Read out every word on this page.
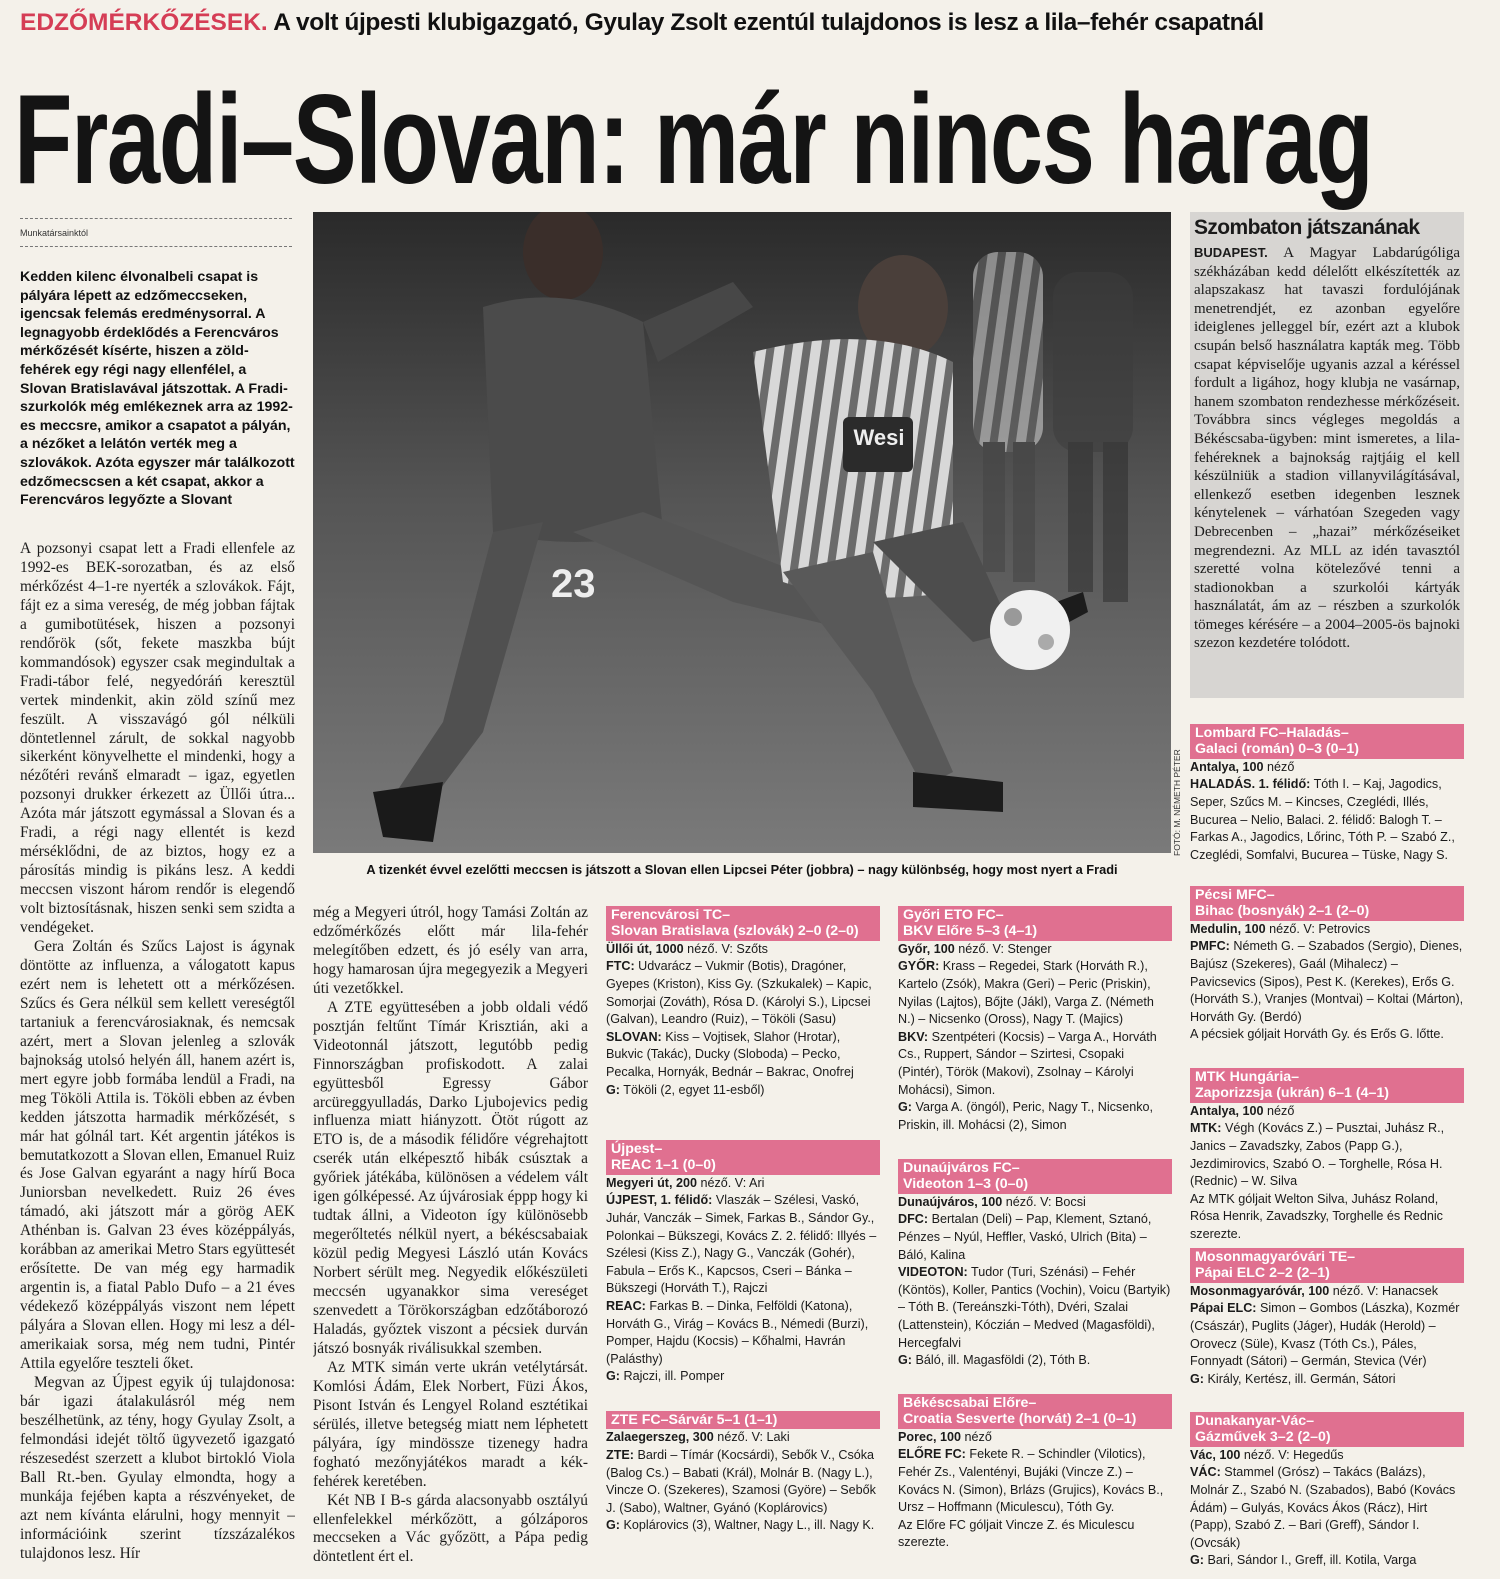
EDZŐMÉRKŐZÉSEK. A volt újpesti klubigazgató, Gyulay Zsolt ezentúl tulajdonos is lesz a lila–fehér csapatnál
Fradi–Slovan: már nincs harag
Munkatársainktól
Kedden kilenc élvonalbeli csapat is pályára lépett az edzőmeccseken, igencsak felemás eredménysorral. A legnagyobb érdeklődés a Ferencváros mérkőzését kísérte, hiszen a zöld-fehérek egy régi nagy ellenfélel, a Slovan Bratislavával játszottak. A Fradi-szurkolók még emlékeznek arra az 1992-es meccsre, amikor a csapatot a pályán, a nézőket a lelátón verték meg a szlovákok. Azóta egyszer már találkozott edzőmecscsen a két csapat, akkor a Ferencváros legyőzte a Slovant

A pozsonyi csapat lett a Fradi ellenfele az 1992-es BEK-sorozatban, és az első mérkőzést 4–1-re nyerték a szlovákok. Fájt, fájt ez a sima vereség, de még jobban fájtak a gumibotütések, hiszen a pozsonyi rendőrök (sőt, fekete maszkba bújt kommandósok) egyszer csak megindultak a Fradi-tábor felé, negyedóráń keresztül vertek mindenkit, akin zöld színű mez feszült. A visszavágó gól nélküli döntetlennel zárult, de sokkal nagyobb sikerként könyvelhette el mindenki, hogy a nézőtéri revánš elmaradt – igaz, egyetlen pozsonyi drukker érkezett az Üllői útra... Azóta már játszott egymással a Slovan és a Fradi, a régi nagy ellentét is kezd mérséklődni, de az biztos, hogy ez a párosítás mindig is pikáns lesz. A keddi meccsen viszont három rendőr is elegendő volt biztosításnak, hiszen senki sem szidta a vendégeket.

Gera Zoltán és Szűcs Lajost is ágynak döntötte az influenza, a válogatott kapus ezért nem is lehetett ott a mérkőzésen. Szűcs és Gera nélkül sem kellett vereségtől tartaniuk a ferencvárosiaknak, és nemcsak azért, mert a Slovan jelenleg a szlovák bajnokság utolsó helyén áll, hanem azért is, mert egyre jobb formába lendül a Fradi, na meg Tököli Attila is. Tököli ebben az évben kedden játszotta harmadik mérkőzését, s már hat gólnál tart. Két argentin játékos is bemutatkozott a Slovan ellen, Emanuel Ruiz és Jose Galvan egyaránt a nagy hírű Boca Juniorsban nevelkedett. Ruiz 26 éves támadó, aki játszott már a görög AEK Athénban is. Galvan 23 éves középpályás, korábban az amerikai Metro Stars együttesét erősítette. De van még egy harmadik argentin is, a fiatal Pablo Dufo – a 21 éves védekező középpályás viszont nem lépett pályára a Slovan ellen. Hogy mi lesz a dél-amerikaiak sorsa, még nem tudni, Pintér Attila egyelőre teszteli őket.

Megvan az Újpest egyik új tulajdonosa: bár igazi átalakulásról még nem beszélhetünk, az tény, hogy Gyulay Zsolt, a felmondási idejét töltő ügyvezető igazgató részesedést szerzett a klubot birtokló Viola Ball Rt.-ben. Gyulay elmondta, hogy a munkája fejében kapta a részvényeket, de azt nem kívánta elárulni, hogy mennyit – információink szerint tízszázalékos tulajdonos lesz. Hír

még a Megyeri útról, hogy Tamási Zoltán az edzőmérkőzés előtt már lila-fehér melegítőben edzett, és jó esély van arra, hogy hamarosan újra megegyezik a Megyeri úti vezetőkkel.

A ZTE együttesében a jobb oldali védő posztján feltűnt Tímár Krisztián, aki a Videotonnál játszott, legutóbb pedig Finnországban profiskodott. A zalai együttesből Egressy Gábor arcüreggyulladás, Darko Ljubojevics pedig influenza miatt hiányzott. Ötöt rúgott az ETO is, de a második félidőre végrehajtott cserék után elképesztő hibák csúsztak a győriek játékába, különösen a védelem vált igen gólképessé. Az újvárosiak éppp hogy ki tudtak állni, a Videoton így különösebb megerőltetés nélkül nyert, a békéscsabaiak közül pedig Megyesi László után Kovács Norbert sérült meg. Negyedik előkészületi meccsén ugyanakkor sima vereséget szenvedett a Törökországban edzőtáborozó Haladás, győztek viszont a pécsiek durván játszó bosnyák riválisukkal szemben.

Az MTK simán verte ukrán vetélytársát. Komlósi Ádám, Elek Norbert, Füzi Ákos, Pisont István és Lengyel Roland esztétikai sérülés, illetve betegség miatt nem léphetett pályára, így mindössze tizenegy hadra fogható mezőnyjátékos maradt a kék-fehérek keretében.

Két NB I B-s gárda alacsonyabb osztályú ellenfelekkel mérkőzött, a gólzáporos meccseken a Vác győzött, a Pápa pedig döntetlent ért el.

23
Wesi
FOTÓ: M. NÉMETH PÉTER
A tizenkét évvel ezelőtti meccsen is játszott a Slovan ellen Lipcsei Péter (jobbra) – nagy különbség, hogy most nyert a Fradi
Szombaton játszanának
BUDAPEST. A Magyar Labdarúgóliga székházában kedd délelőtt elkészítették az alapszakasz hat tavaszi fordulójának menetrendjét, ez azonban egyelőre ideiglenes jelleggel bír, ezért azt a klubok csupán belső használatra kapták meg. Több csapat képviselője ugyanis azzal a kéréssel fordult a ligához, hogy klubja ne vasárnap, hanem szombaton rendezhesse mérkőzéseit. Továbbra sincs végleges megoldás a Békéscsaba-ügyben: mint ismeretes, a lila-fehéreknek a bajnokság rajtjáig el kell készülniük a stadion villanyvilágításával, ellenkező esetben idegenben lesznek kénytelenek – várhatóan Szegeden vagy Debrecenben – „hazai” mérkőzéseiket megrendezni. Az MLL az idén tavasztól szeretté volna kötelezővé tenni a stadionokban a szurkolói kártyák használatát, ám az – részben a szurkolók tömeges kérésére – a 2004–2005-ös bajnoki szezon kezdetére tolódott.
Ferencvárosi TC–
Slovan Bratislava (szlovák) 2–0 (2–0)
Üllői út, 1000 néző. V: Szőts
FTC: Udvarácz – Vukmir (Botis), Dragóner, Gyepes (Kriston), Kiss Gy. (Szkukalek) – Kapic, Somorjai (Zováth), Rósa D. (Károlyi S.), Lipcsei (Galvan), Leandro (Ruiz), – Tököli (Sasu)
SLOVAN: Kiss – Vojtisek, Slahor (Hrotar), Bukvic (Takác), Ducky (Sloboda) – Pecko, Pecalka, Hornyák, Bednár – Bakrac, Onofrej
G: Tököli (2, egyet 11-esből)
Újpest–
REAC 1–1 (0–0)
Megyeri út, 200 néző. V: Ari
ÚJPEST, 1. félidő: Vlaszák – Szélesi, Vaskó, Juhár, Vanczák – Simek, Farkas B., Sándor Gy., Polonkai – Bükszegi, Kovács Z. 2. félidő: Illyés – Szélesi (Kiss Z.), Nagy G., Vanczák (Gohér), Fabula – Erős K., Kapcsos, Cseri – Bánka – Bükszegi (Horváth T.), Rajczi
REAC: Farkas B. – Dinka, Felföldi (Katona), Horváth G., Virág – Kovács B., Némedi (Burzi), Pomper, Hajdu (Kocsis) – Kőhalmi, Havrán (Palásthy)
G: Rajczi, ill. Pomper
ZTE FC–Sárvár 5–1 (1–1)
Zalaegerszeg, 300 néző. V: Laki
ZTE: Bardi – Tímár (Kocsárdi), Sebők V., Csóka (Balog Cs.) – Babati (Král), Molnár B. (Nagy L.), Vincze O. (Szekeres), Szamosi (Györe) – Sebők J. (Sabo), Waltner, Gyánó (Koplárovics)
G: Koplárovics (3), Waltner, Nagy L., ill. Nagy K.
Győri ETO FC–
BKV Előre 5–3 (4–1)
Győr, 100 néző. V: Stenger
GYŐR: Krass – Regedei, Stark (Horváth R.), Kartelo (Zsók), Makra (Geri) – Peric (Priskin), Nyilas (Lajtos), Bőjte (Jákl), Varga Z. (Németh N.) – Nicsenko (Oross), Nagy T. (Majics)
BKV: Szentpéteri (Kocsis) – Varga A., Horváth Cs., Ruppert, Sándor – Szirtesi, Csopaki (Pintér), Török (Makovi), Zsolnay – Károlyi Mohácsi), Simon.
G: Varga A. (öngól), Peric, Nagy T., Nicsenko, Priskin, ill. Mohácsi (2), Simon
Dunaújváros FC–
Videoton 1–3 (0–0)
Dunaújváros, 100 néző. V: Bocsi
DFC: Bertalan (Deli) – Pap, Klement, Sztanó, Pénzes – Nyúl, Heffler, Vaskó, Ulrich (Bita) – Báló, Kalina
VIDEOTON: Tudor (Turi, Szénási) – Fehér (Köntös), Koller, Pantics (Vochin), Voicu (Bartyik) – Tóth B. (Tereánszki-Tóth), Dvéri, Szalai (Lattenstein), Kóczián – Medved (Magasföldi), Hercegfalvi
G: Báló, ill. Magasföldi (2), Tóth B.
Békéscsabai Előre–
Croatia Sesverte (horvát) 2–1 (0–1)
Porec, 100 néző
ELŐRE FC: Fekete R. – Schindler (Vilotics), Fehér Zs., Valentényi, Bujáki (Vincze Z.) – Kovács N. (Simon), Brlázs (Grujics), Kovács B., Ursz – Hoffmann (Miculescu), Tóth Gy.
Az Előre FC góljait Vincze Z. és Miculescu szerezte.
Lombard FC–Haladás–
Galaci (román) 0–3 (0–1)
Antalya, 100 néző
HALADÁS. 1. félidő: Tóth I. – Kaj, Jagodics, Seper, Szűcs M. – Kincses, Czeglédi, Illés, Bucurea – Nelio, Balaci. 2. félidő: Balogh T. – Farkas A., Jagodics, Lőrinc, Tóth P. – Szabó Z., Czeglédi, Somfalvi, Bucurea – Tüske, Nagy S.
Pécsi MFC–
Bihac (bosnyák) 2–1 (2–0)
Medulin, 100 néző. V: Petrovics
PMFC: Németh G. – Szabados (Sergio), Dienes, Bajúsz (Szekeres), Gaál (Mihalecz) – Pavicsevics (Sipos), Pest K. (Kerekes), Erős G. (Horváth S.), Vranjes (Montvai) – Koltai (Márton), Horváth Gy. (Berdó)
A pécsiek góljait Horváth Gy. és Erős G. lőtte.
MTK Hungária–
Zaporizzsja (ukrán) 6–1 (4–1)
Antalya, 100 néző
MTK: Végh (Kovács Z.) – Pusztai, Juhász R., Janics – Zavadszky, Zabos (Papp G.), Jezdimirovics, Szabó O. – Torghelle, Rósa H. (Rednic) – W. Silva
Az MTK góljait Welton Silva, Juhász Roland, Rósa Henrik, Zavadszky, Torghelle és Rednic szerezte.
Mosonmagyaróvári TE–
Pápai ELC 2–2 (2–1)
Mosonmagyaróvár, 100 néző. V: Hanacsek
Pápai ELC: Simon – Gombos (Lászka), Kozmér (Császár), Puglits (Jáger), Hudák (Herold) – Orovecz (Süle), Kvasz (Tóth Cs.), Páles, Fonnyadt (Sátori) – Germán, Stevica (Vér)
G: Király, Kertész, ill. Germán, Sátori
Dunakanyar-Vác–
Gázművek 3–2 (2–0)
Vác, 100 néző. V: Hegedűs
VÁC: Stammel (Grósz) – Takács (Balázs), Molnár Z., Szabó N. (Szabados), Babó (Kovács Ádám) – Gulyás, Kovács Ákos (Rácz), Hirt (Papp), Szabó Z. – Bari (Greff), Sándor I. (Ovcsák)
G: Bari, Sándor I., Greff, ill. Kotila, Varga
